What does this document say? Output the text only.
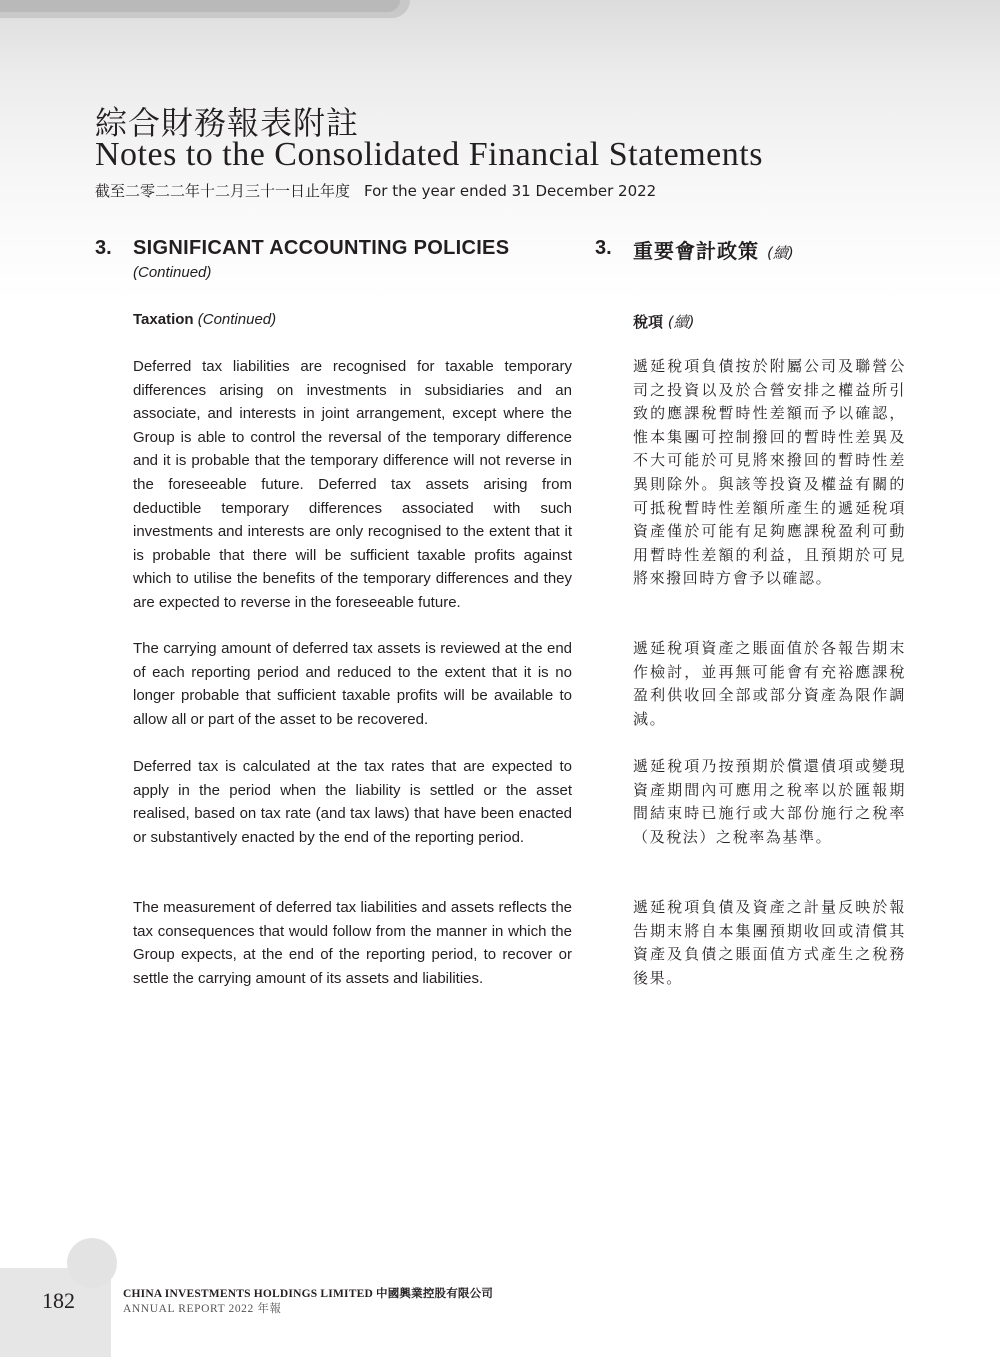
綜合財務報表附註
Notes to the Consolidated Financial Statements
截至二零二二年十二月三十一日止年度 For the year ended 31 December 2022
3. SIGNIFICANT ACCOUNTING POLICIES
(Continued)
3. 重要會計政策 (續)
Taxation (Continued)	稅項 (續)

Deferred tax liabilities are recognised for taxable temporary differences arising on investments in subsidiaries and an associate, and interests in joint arrangement, except where the Group is able to control the reversal of the temporary difference and it is probable that the temporary difference will not reverse in the foreseeable future. Deferred tax assets arising from deductible temporary differences associated with such investments and interests are only recognised to the extent that it is probable that there will be sufficient taxable profits against which to utilise the benefits of the temporary differences and they are expected to reverse in the foreseeable future.

The carrying amount of deferred tax assets is reviewed at the end of each reporting period and reduced to the extent that it is no longer probable that sufficient taxable profits will be available to allow all or part of the asset to be recovered.

Deferred tax is calculated at the tax rates that are expected to apply in the period when the liability is settled or the asset realised, based on tax rate (and tax laws) that have been enacted or substantively enacted by the end of the reporting period.

The measurement of deferred tax liabilities and assets reflects the tax consequences that would follow from the manner in which the Group expects, at the end of the reporting period, to recover or settle the carrying amount of its assets and liabilities.

遞延稅項負債按於附屬公司及聯營公司之投資以及於合營安排之權益所引致的應課稅暫時性差額而予以確認，惟本集團可控制撥回的暫時性差異及不大可能於可見將來撥回的暫時性差異則除外。與該等投資及權益有關的可抵稅暫時性差額所產生的遞延稅項資產僅於可能有足夠應課稅盈利可動用暫時性差額的利益，且預期於可見將來撥回時方會予以確認。

遞延稅項資產之賬面值於各報告期末作檢討，並再無可能會有充裕應課稅盈利供收回全部或部分資產為限作調減。

遞延稅項乃按預期於償還債項或變現資產期間內可應用之稅率以於匯報期間結束時已施行或大部份施行之稅率（及稅法）之稅率為基準。

遞延稅項負債及資產之計量反映於報告期末將自本集團預期收回或清償其資產及負債之賬面值方式產生之稅務後果。

182	CHINA INVESTMENTS HOLDINGS LIMITED 中國興業控股有限公司
ANNUAL REPORT 2022 年報
